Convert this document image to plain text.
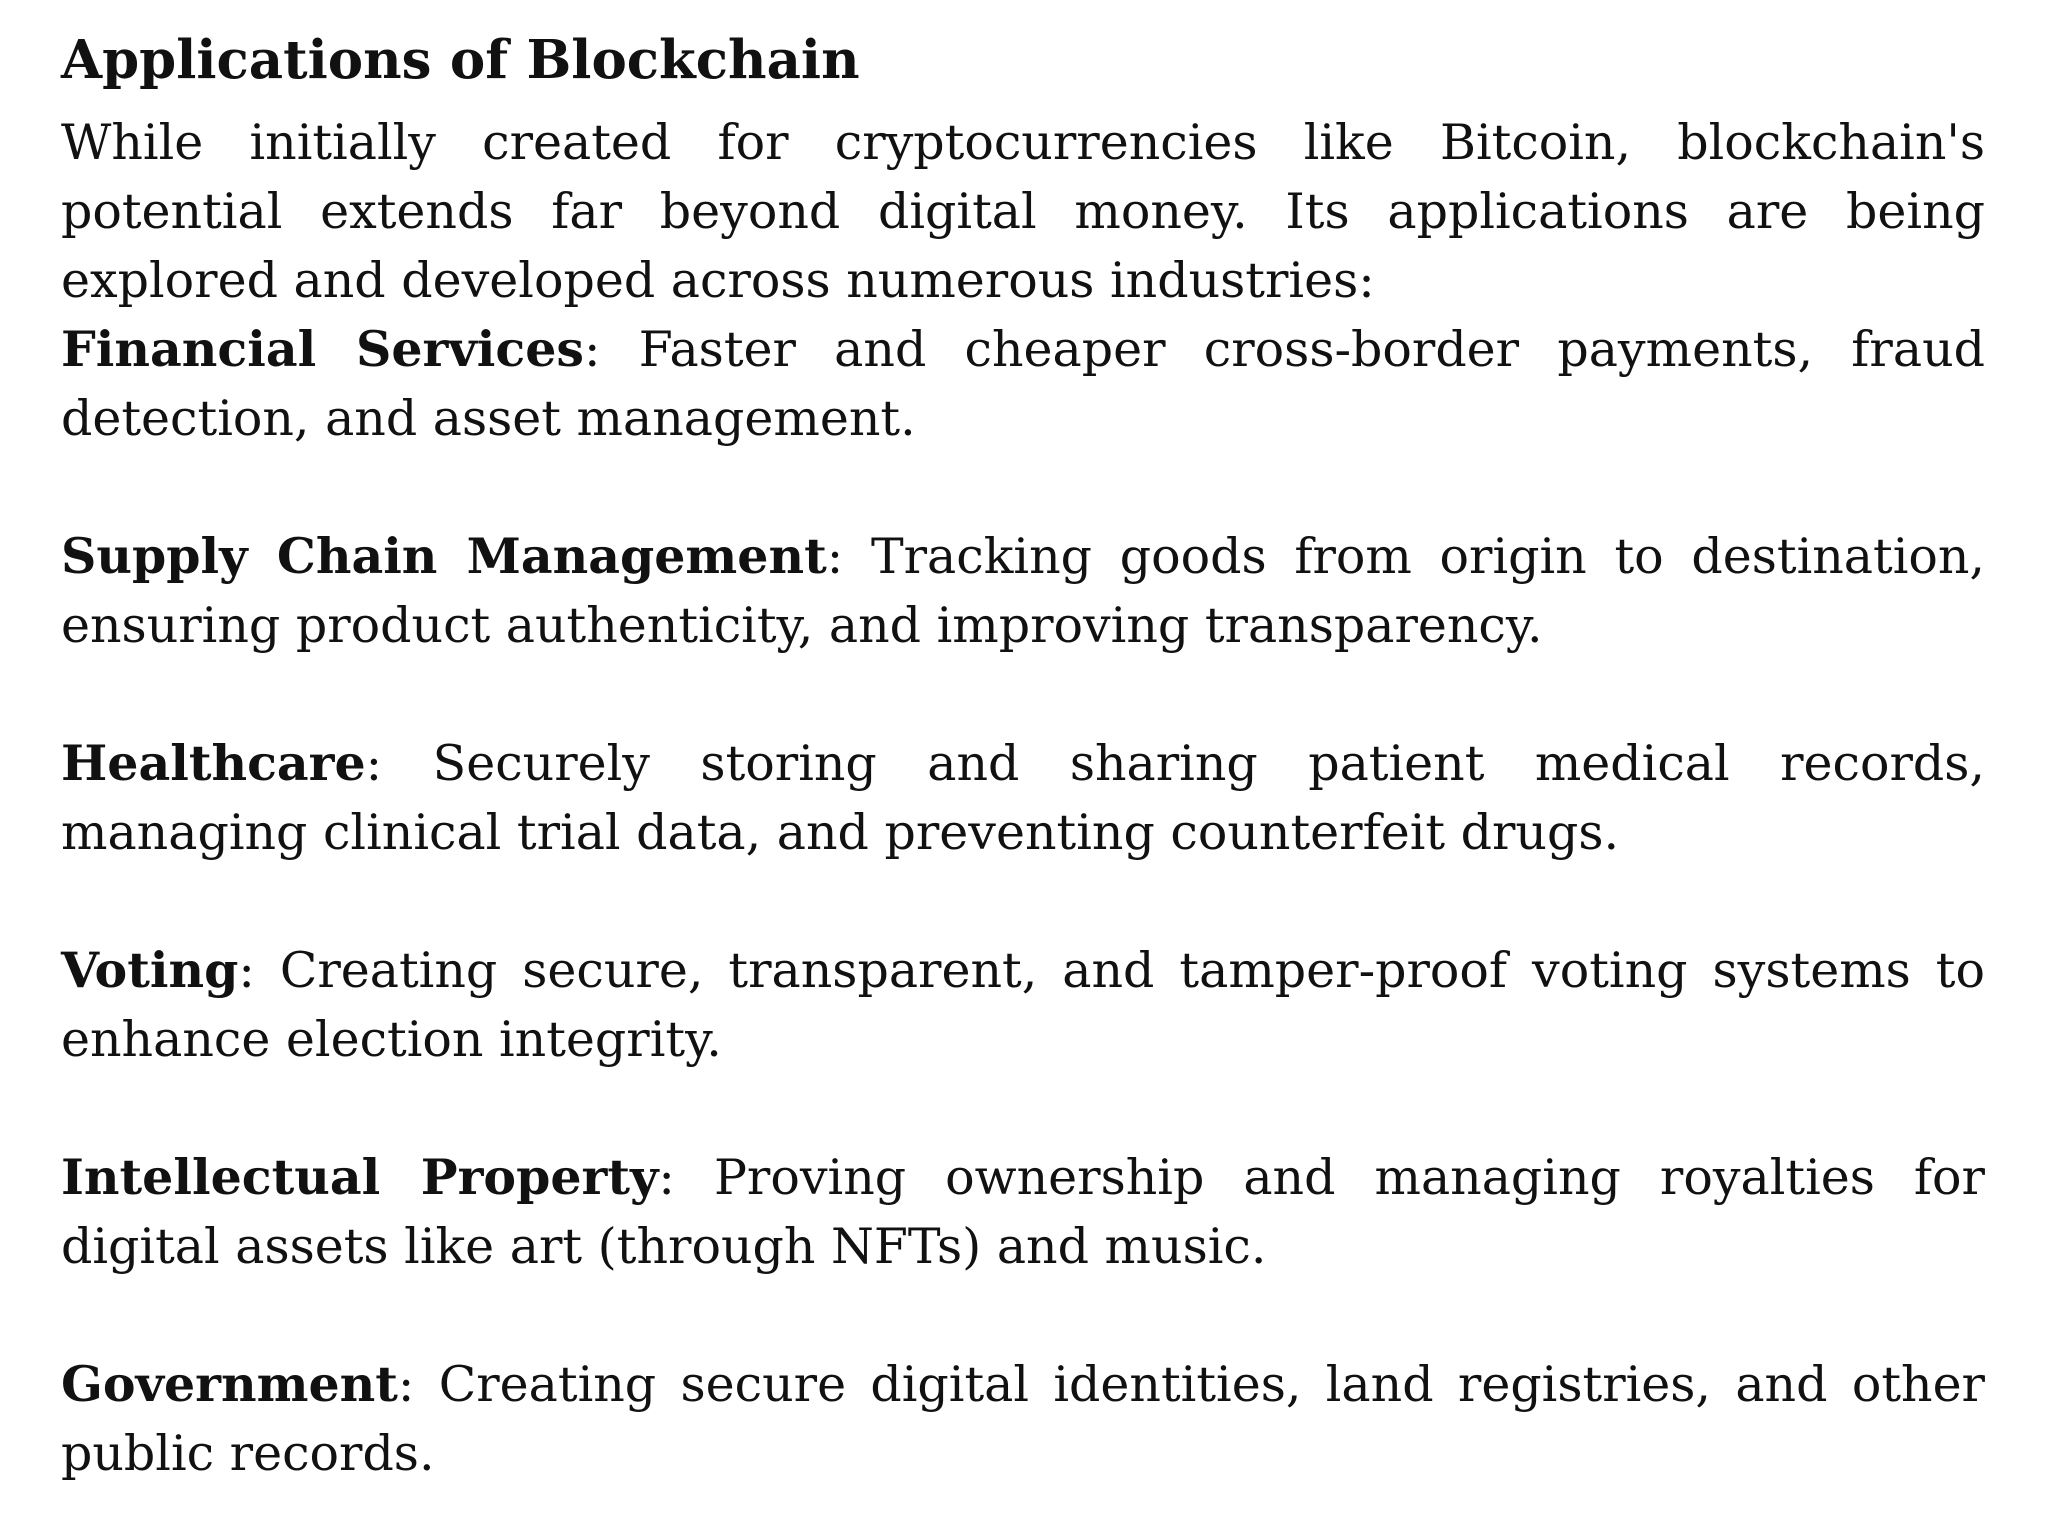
Applications of Blockchain

While initially created for cryptocurrencies like Bitcoin, blockchain's potential extends far beyond digital money. Its applications are being explored and developed across numerous industries:

Financial Services: Faster and cheaper cross-border payments, fraud detection, and asset management.

Supply Chain Management: Tracking goods from origin to destination, ensuring product authenticity, and improving transparency.

Healthcare: Securely storing and sharing patient medical records, managing clinical trial data, and preventing counterfeit drugs.

Voting: Creating secure, transparent, and tamper-proof voting systems to enhance election integrity.

Intellectual Property: Proving ownership and managing royalties for digital assets like art (through NFTs) and music.

Government: Creating secure digital identities, land registries, and other public records.
